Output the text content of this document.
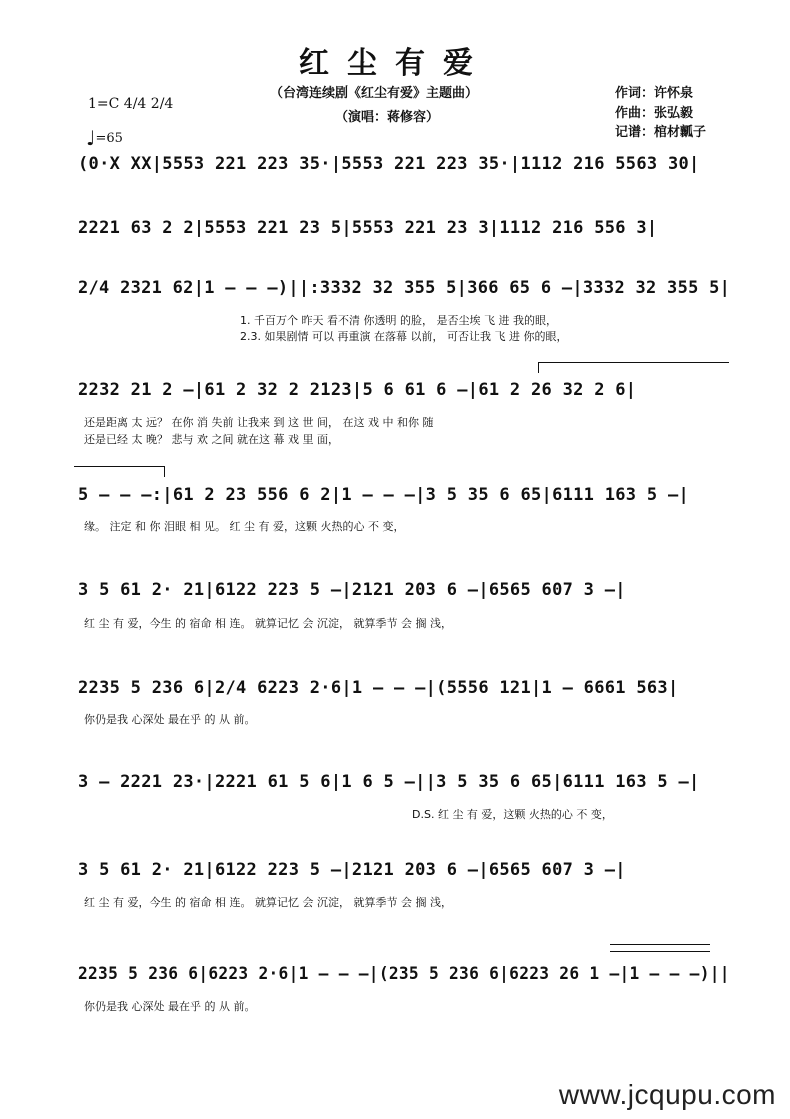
红尘有爱
（台湾连续剧《红尘有爱》主题曲）
（演唱：蒋修容）
作词：许怀泉
作曲：张弘毅
记谱：棺材瓤子
1=C 4/4 2/4
♩=65
(0·X XX|5553 221 223 35·|5553 221 223 35·|1112 216 5563 30|
2221 63 2 2|5553 221 23 5|5553 221 23 3|1112 216 556 3|
2/4 2321 62|1 — — —)||:3332 32 355 5|366 65 6 —|3332 32 355 5|
1. 千百万个 昨天 看不清 你透明 的脸， 是否尘埃 飞 进 我的眼，
2.3. 如果剧情 可以 再重演 在落幕 以前， 可否让我 飞 进 你的眼，
2232 21 2 —|61 2 32 2 2123|5 6 61 6 —|61 2 26 32 2 6|
还是距离 太 远？ 在你 消 失前 让我来 到 这 世 间， 在这 戏 中 和你 随
还是已经 太 晚？ 悲与 欢 之间 就在这 幕 戏 里 面，
5 — — —:|61 2 23 556 6 2|1 — — —|3 5 35 6 65|6111 163 5 —|
缘。 注定 和 你 泪眼 相 见。 红 尘 有 爱，这颗 火热的心 不 变，
3 5 61 2· 21|6122 223 5 —|2121 203 6 —|6565 607 3 —|
红 尘 有 爱，今生 的 宿命 相 连。 就算记忆 会 沉淀， 就算季节 会 搁 浅，
2235 5 236 6|2/4 6223 2·6|1 — — —|(5556 121|1 — 6661 563|
你仍是我 心深处 最在乎 的 从 前。
3 — 2221 23·|2221 61 5 6|1 6 5 —||3 5 35 6 65|6111 163 5 —|
D.S. 红 尘 有 爱，这颗 火热的心 不 变，
3 5 61 2· 21|6122 223 5 —|2121 203 6 —|6565 607 3 —|
红 尘 有 爱，今生 的 宿命 相 连。 就算记忆 会 沉淀， 就算季节 会 搁 浅，
2235 5 236 6|6223 2·6|1 — — —|(235 5 236 6|6223 26 1 —|1 — — —)||
你仍是我 心深处 最在乎 的 从 前。
www.jcqupu.com
